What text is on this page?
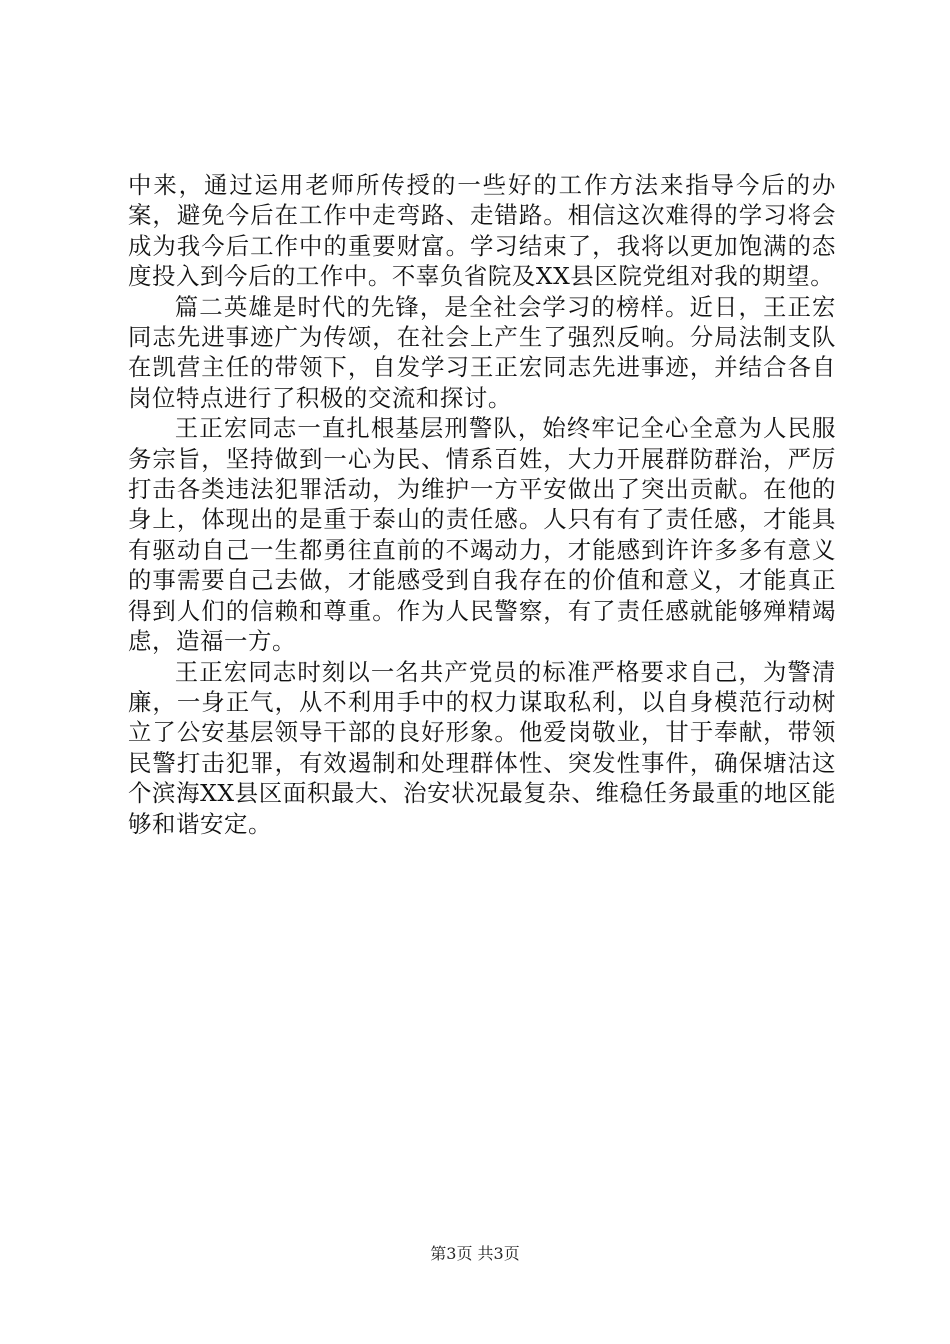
中来，通过运用老师所传授的一些好的工作方法来指导今后的办案，避免今后在工作中走弯路、走错路。相信这次难得的学习将会成为我今后工作中的重要财富。学习结束了，我将以更加饱满的态度投入到今后的工作中。不辜负省院及XX县区院党组对我的期望。

篇二英雄是时代的先锋，是全社会学习的榜样。近日，王正宏同志先进事迹广为传颂，在社会上产生了强烈反响。分局法制支队在凯营主任的带领下，自发学习王正宏同志先进事迹，并结合各自岗位特点进行了积极的交流和探讨。

王正宏同志一直扎根基层刑警队，始终牢记全心全意为人民服务宗旨，坚持做到一心为民、情系百姓，大力开展群防群治，严厉打击各类违法犯罪活动，为维护一方平安做出了突出贡献。在他的身上，体现出的是重于泰山的责任感。人只有有了责任感，才能具有驱动自己一生都勇往直前的不竭动力，才能感到许许多多有意义的事需要自己去做，才能感受到自我存在的价值和意义，才能真正得到人们的信赖和尊重。作为人民警察，有了责任感就能够殚精竭虑，造福一方。

王正宏同志时刻以一名共产党员的标准严格要求自己，为警清廉，一身正气，从不利用手中的权力谋取私利，以自身模范行动树立了公安基层领导干部的良好形象。他爱岗敬业，甘于奉献，带领民警打击犯罪，有效遏制和处理群体性、突发性事件，确保塘沽这个滨海XX县区面积最大、治安状况最复杂、维稳任务最重的地区能够和谐安定。

第3页 共3页
